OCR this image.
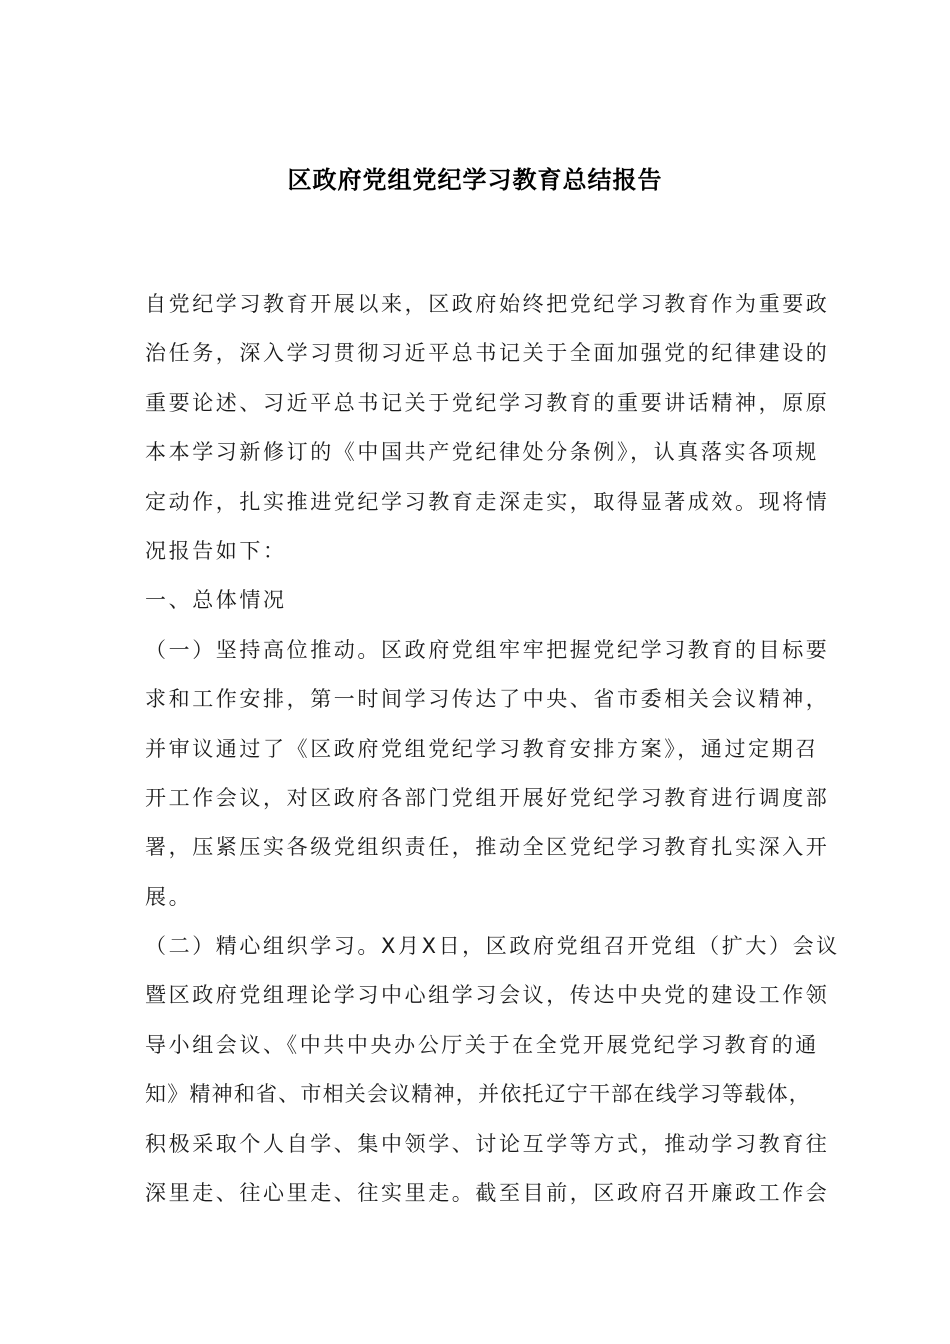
区政府党组党纪学习教育总结报告
自党纪学习教育开展以来，区政府始终把党纪学习教育作为重要政
治任务，深入学习贯彻习近平总书记关于全面加强党的纪律建设的
重要论述、习近平总书记关于党纪学习教育的重要讲话精神，原原
本本学习新修订的《中国共产党纪律处分条例》，认真落实各项规
定动作，扎实推进党纪学习教育走深走实，取得显著成效。现将情
况报告如下：
一、总体情况
（一）坚持高位推动。区政府党组牢牢把握党纪学习教育的目标要
求和工作安排，第一时间学习传达了中央、省市委相关会议精神，
并审议通过了《区政府党组党纪学习教育安排方案》，通过定期召
开工作会议，对区政府各部门党组开展好党纪学习教育进行调度部
署，压紧压实各级党组织责任，推动全区党纪学习教育扎实深入开
展。
（二）精心组织学习。X月X日，区政府党组召开党组（扩大）会议
暨区政府党组理论学习中心组学习会议，传达中央党的建设工作领
导小组会议、《中共中央办公厅关于在全党开展党纪学习教育的通
知》精神和省、市相关会议精神，并依托辽宁干部在线学习等载体，
积极采取个人自学、集中领学、讨论互学等方式，推动学习教育往
深里走、往心里走、往实里走。截至目前，区政府召开廉政工作会
